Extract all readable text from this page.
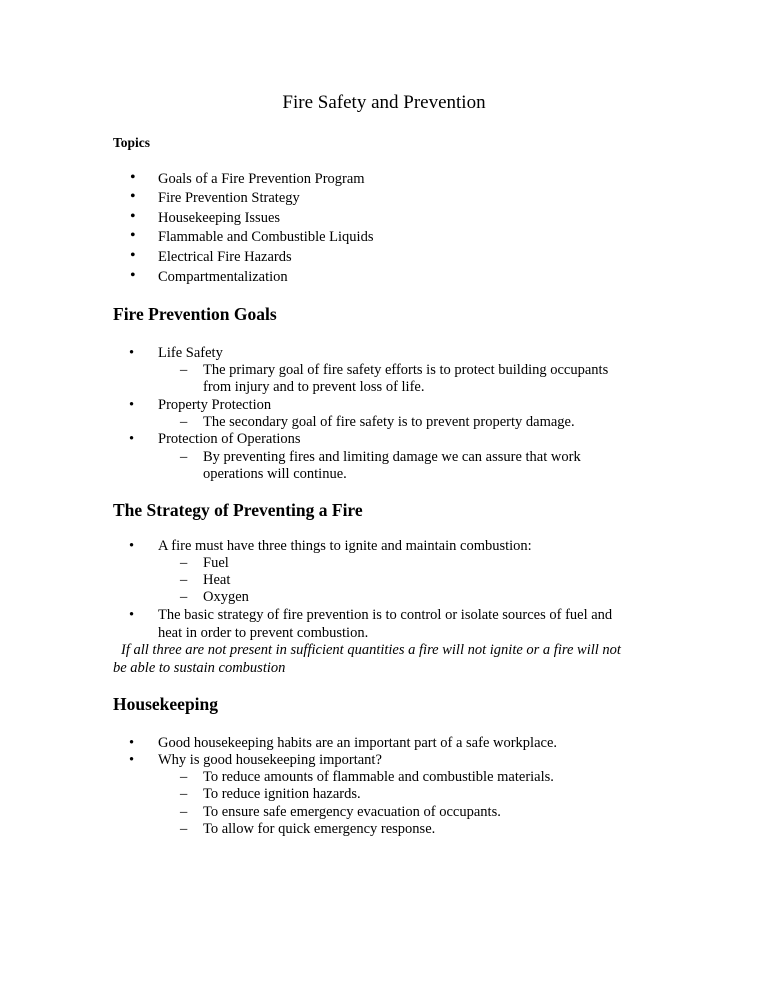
Fire Safety and Prevention
Topics
• Goals of a Fire Prevention Program
• Fire Prevention Strategy
• Housekeeping Issues
• Flammable and Combustible Liquids
• Electrical Fire Hazards
• Compartmentalization
Fire Prevention Goals
• Life Safety
– The primary goal of fire safety efforts is to protect building occupants
from injury and to prevent loss of life.
• Property Protection
– The secondary goal of fire safety is to prevent property damage.
• Protection of Operations
– By preventing fires and limiting damage we can assure that work
operations will continue.
The Strategy of Preventing a Fire
• A fire must have three things to ignite and maintain combustion:
– Fuel
– Heat
– Oxygen
• The basic strategy of fire prevention is to control or isolate sources of fuel and
heat in order to prevent combustion.
If all three are not present in sufficient quantities a fire will not ignite or a fire will not
be able to sustain combustion
Housekeeping
• Good housekeeping habits are an important part of a safe workplace.
• Why is good housekeeping important?
– To reduce amounts of flammable and combustible materials.
– To reduce ignition hazards.
– To ensure safe emergency evacuation of occupants.
– To allow for quick emergency response.
